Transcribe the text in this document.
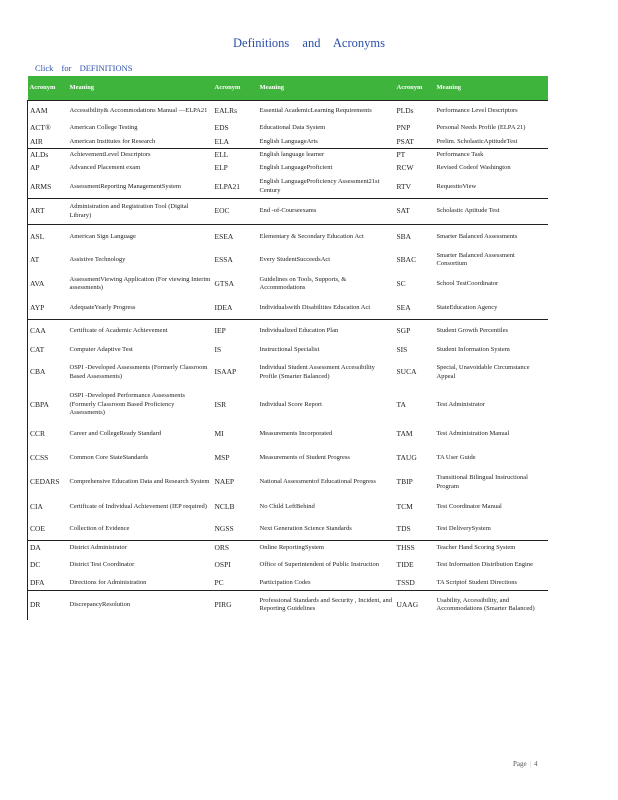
Definitions and Acronyms
Click for DEFINITIONS
Acronym	Meaning	Acronym	Meaning	Acronym	Meaning
AAM	Accessibility& Accommodations Manual —ELPA21	EALRs	Essential AcademicLearning Requirements	PLDs	Performance Level Descriptors
ACT®	American College Testing	EDS	Educational Data System	PNP	Personal Needs Profile (ELPA 21)
AIR	American Institutes for Research	ELA	English LanguageArts	PSAT	Prelim. ScholasticAptitudeTest
ALDs	AchievementLevel Descriptors	ELL	English language learner	PT	Performance Task
AP	Advanced Placement exam	ELP	English LanguageProficient	RCW	Revised Codeof Washington
ARMS	AssessmentReporting ManagementSystem	ELPA21	English LanguageProficiency Assessment21st Century	RTV	RequesttoView
ART	Administration and Registration Tool (Digital Library)	EOC	End -of-Courseexams	SAT	Scholastic Aptitude Test
ASL	American Sign Language	ESEA	Elementary & Secondary Education Act	SBA	Smarter Balanced Assessments
AT	Assistive Technology	ESSA	Every StudentSucceedsAct	SBAC	Smarter Balanced Assessment Consortium
AVA	AssessmentViewing Application (For viewing Interim assessments)	GTSA	Guidelines on Tools, Supports, & Accommodations	SC	School TestCoordinator
AYP	AdequateYearly Progress	IDEA	Individualswith Disabilities Education Act	SEA	StateEducation Agency
CAA	Certificate of Academic Achievement	IEP	Individualized Education Plan	SGP	Student Growth Percentiles
CAT	Computer Adaptive Test	IS	Instructional Specialist	SIS	Student Information System
CBA	OSPI -Developed Assessments (Formerly Classroom Based Assessments)	ISAAP	Individual Student Assessment Accessibility Profile (Smarter Balanced)	SUCA	Special, Unavoidable Circumstance Appeal
CBPA	OSPI -Developed Performance Assessments (Formerly Classroom Based Proficiency Assessments)	ISR	Individual Score Report	TA	Test Administrator
CCR	Career and CollegeReady Standard	MI	Measurements Incorporated	TAM	Test Administration Manual
CCSS	Common Core StateStandards	MSP	Measurements of Student Progress	TAUG	TA User Guide
CEDARS	Comprehensive Education Data and Research System	NAEP	National Assessmentof Educational Progress	TBIP	Transitional Bilingual Instructional Program
CIA	Certificate of Individual Achievement (IEP required)	NCLB	No Child LeftBehind	TCM	Test Coordinator Manual
COE	Collection of Evidence	NGSS	Next Generation Science Standards	TDS	Test DeliverySystem
DA	District Administrator	ORS	Online ReportingSystem	THSS	Teacher Hand Scoring System
DC	District Test Coordinator	OSPI	Office of Superintendent of Public Instruction	TIDE	Test Information Distribution Engine
DFA	Directions for Administration	PC	Participation Codes	TSSD	TA Scriptof Student Directions
DR	DiscrepancyResolution	PIRG	Professional Standards and Security , Incident, and Reporting Guidelines	UAAG	Usability, Accessibility, and Accommodations (Smarter Balanced)
Page | 4
